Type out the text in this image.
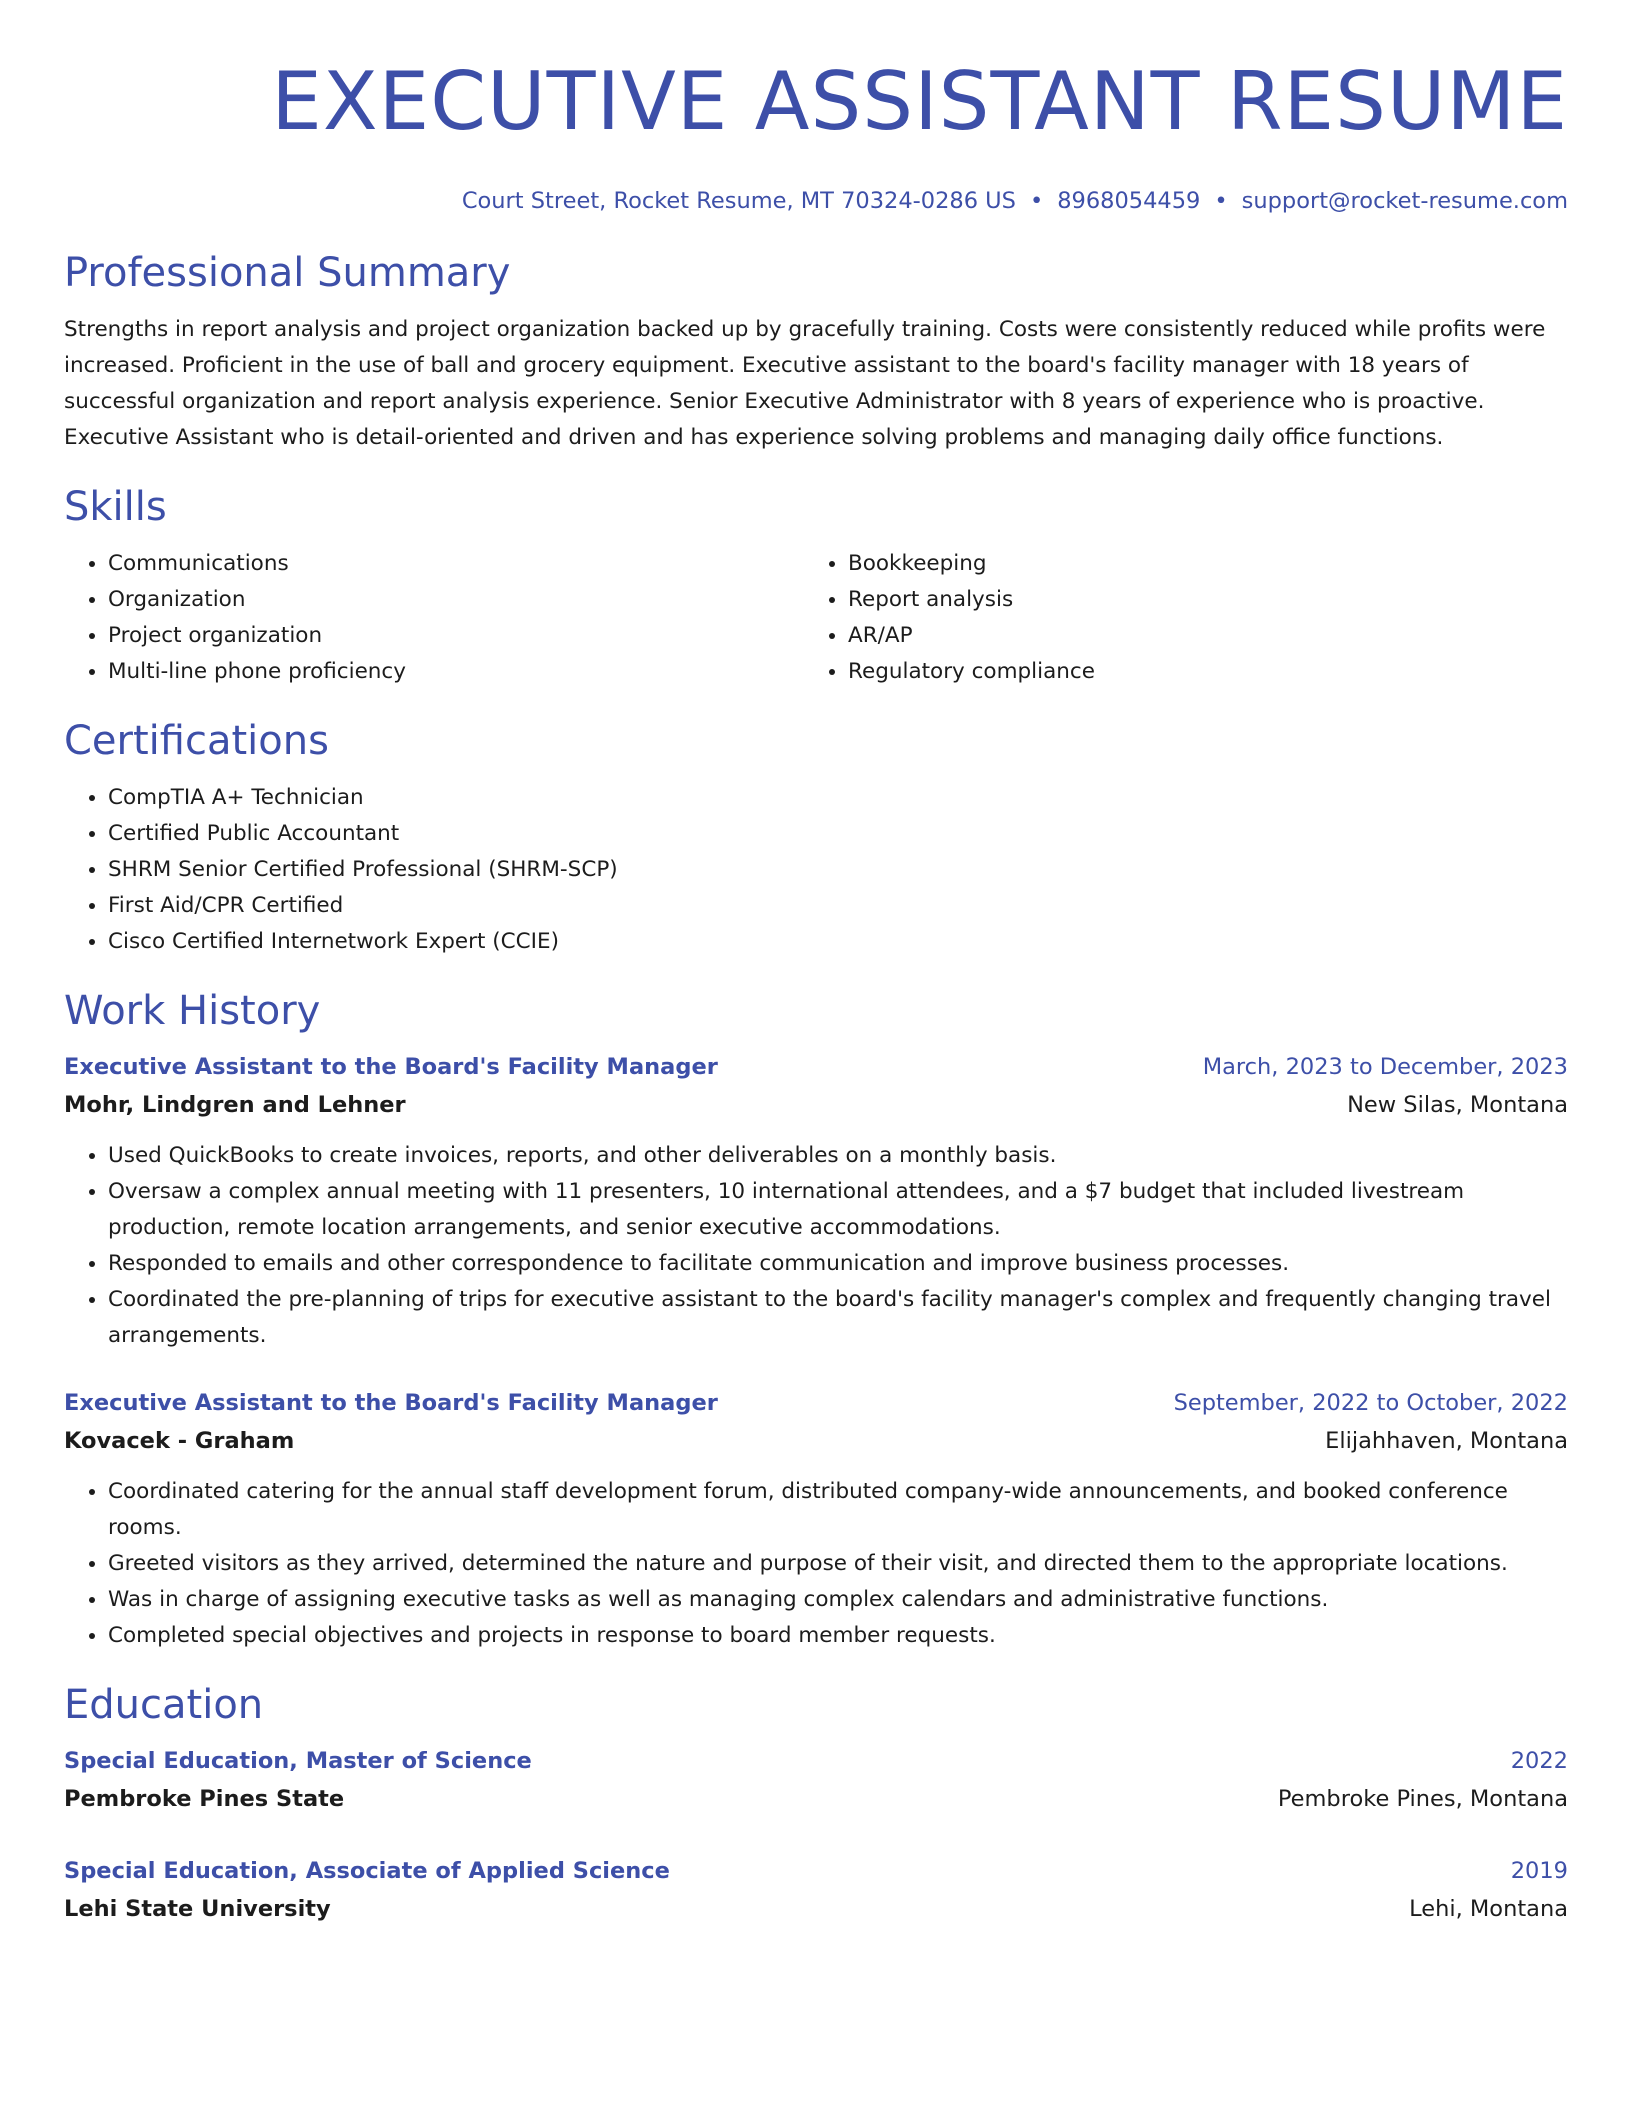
EXECUTIVE ASSISTANT RESUME
Court Street, Rocket Resume, MT 70324-0286 US • 8968054459 • support@rocket-resume.com
Professional Summary

Strengths in report analysis and project organization backed up by gracefully training. Costs were consistently reduced while profits were increased. Proficient in the use of ball and grocery equipment. Executive assistant to the board's facility manager with 18 years of successful organization and report analysis experience. Senior Executive Administrator with 8 years of experience who is proactive. Executive Assistant who is detail-oriented and driven and has experience solving problems and managing daily office functions.

Skills
• Communications
• Organization
• Project organization
• Multi-line phone proficiency
• Bookkeeping
• Report analysis
• AR/AP
• Regulatory compliance
Certifications
• CompTIA A+ Technician
• Certified Public Accountant
• SHRM Senior Certified Professional (SHRM-SCP)
• First Aid/CPR Certified
• Cisco Certified Internetwork Expert (CCIE)
Work History
Executive Assistant to the Board's Facility Manager	March, 2023 to December, 2023
Mohr, Lindgren and Lehner	New Silas, Montana
• Used QuickBooks to create invoices, reports, and other deliverables on a monthly basis.
• Oversaw a complex annual meeting with 11 presenters, 10 international attendees, and a $7 budget that included livestream production, remote location arrangements, and senior executive accommodations.
• Responded to emails and other correspondence to facilitate communication and improve business processes.
• Coordinated the pre-planning of trips for executive assistant to the board's facility manager's complex and frequently changing travel arrangements.
Executive Assistant to the Board's Facility Manager	September, 2022 to October, 2022
Kovacek - Graham	Elijahhaven, Montana
• Coordinated catering for the annual staff development forum, distributed company-wide announcements, and booked conference rooms.
• Greeted visitors as they arrived, determined the nature and purpose of their visit, and directed them to the appropriate locations.
• Was in charge of assigning executive tasks as well as managing complex calendars and administrative functions.
• Completed special objectives and projects in response to board member requests.
Education
Special Education, Master of Science	2022
Pembroke Pines State	Pembroke Pines, Montana
Special Education, Associate of Applied Science	2019
Lehi State University	Lehi, Montana
